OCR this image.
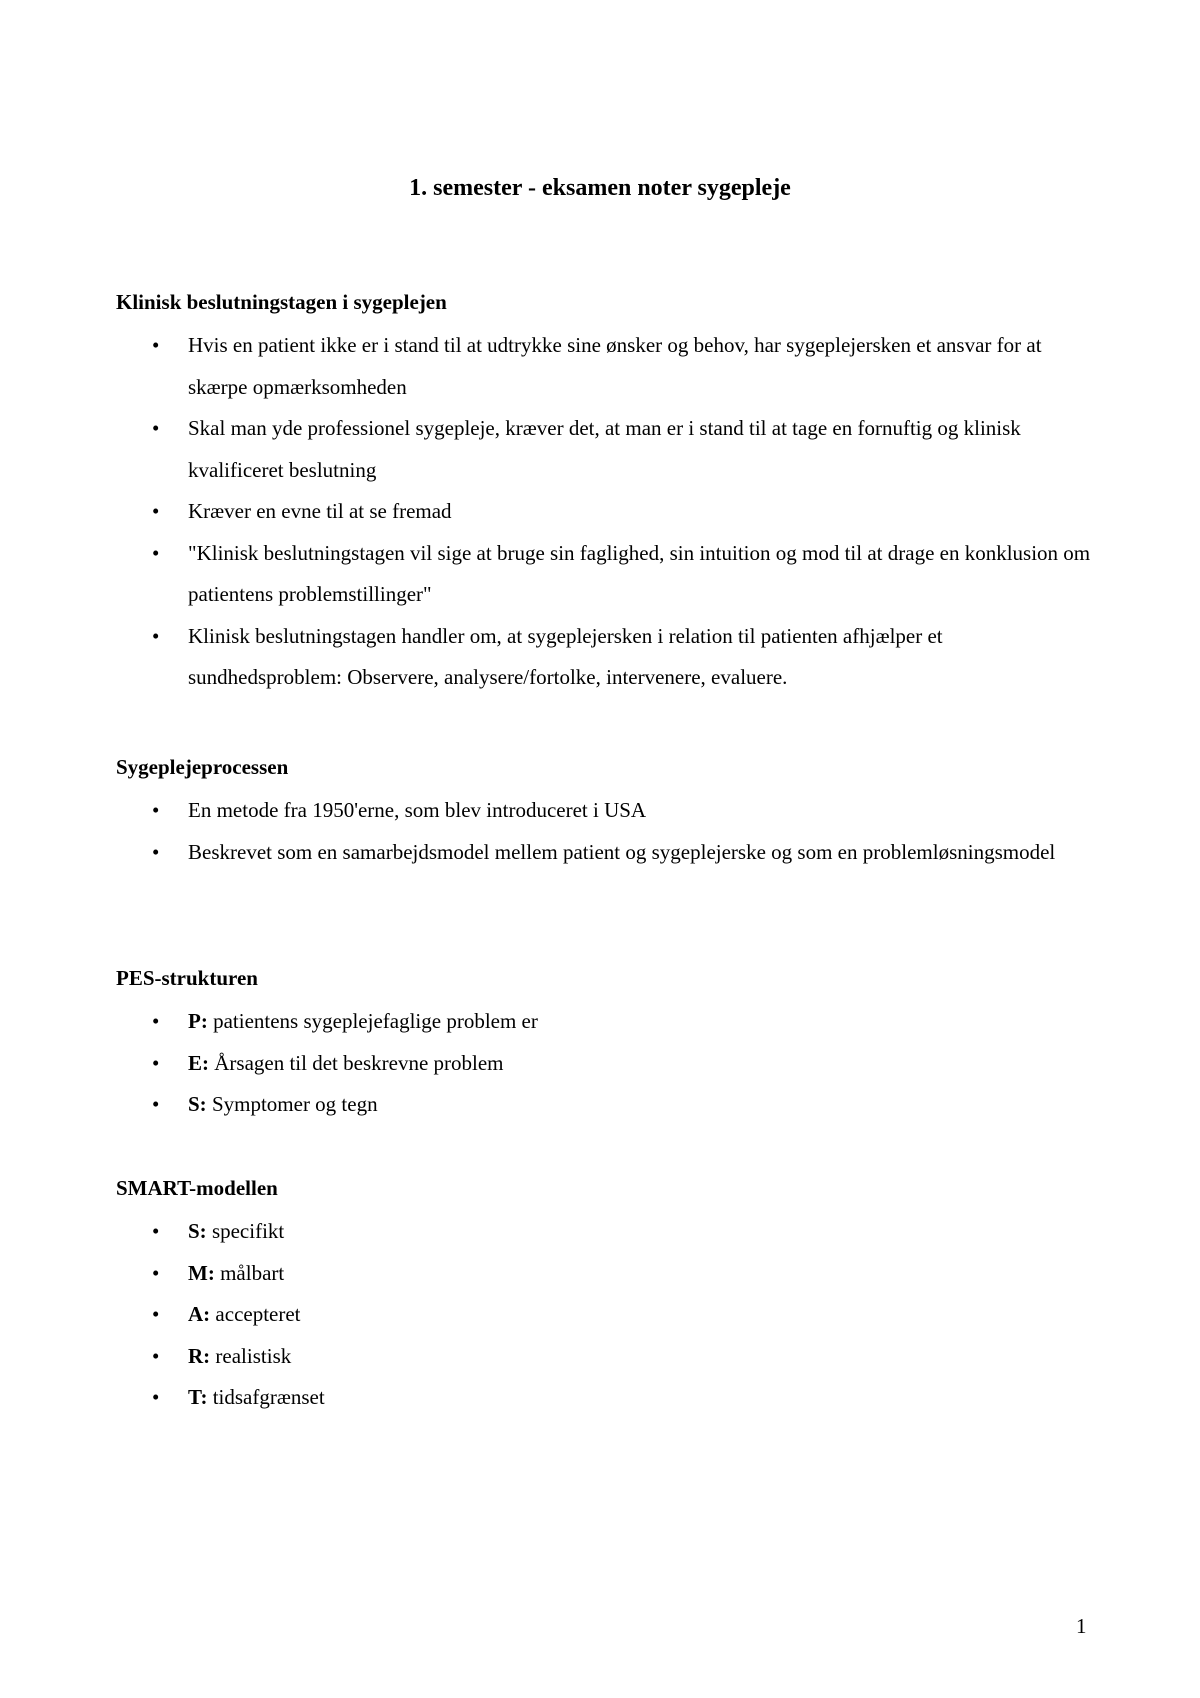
1. semester - eksamen noter sygepleje
Klinisk beslutningstagen i sygeplejen
• Hvis en patient ikke er i stand til at udtrykke sine ønsker og behov, har sygeplejersken et ansvar for at skærpe opmærksomheden
• Skal man yde professionel sygepleje, kræver det, at man er i stand til at tage en fornuftig og klinisk kvalificeret beslutning
• Kræver en evne til at se fremad
• "Klinisk beslutningstagen vil sige at bruge sin faglighed, sin intuition og mod til at drage en konklusion om patientens problemstillinger"
• Klinisk beslutningstagen handler om, at sygeplejersken i relation til patienten afhjælper et sundhedsproblem: Observere, analysere/fortolke, intervenere, evaluere.
Sygeplejeprocessen
• En metode fra 1950'erne, som blev introduceret i USA
• Beskrevet som en samarbejdsmodel mellem patient og sygeplejerske og som en problemløsningsmodel
PES-strukturen
• P: patientens sygeplejefaglige problem er
• E: Årsagen til det beskrevne problem
• S: Symptomer og tegn
SMART-modellen
• S: specifikt
• M: målbart
• A: accepteret
• R: realistisk
• T: tidsafgrænset
1
